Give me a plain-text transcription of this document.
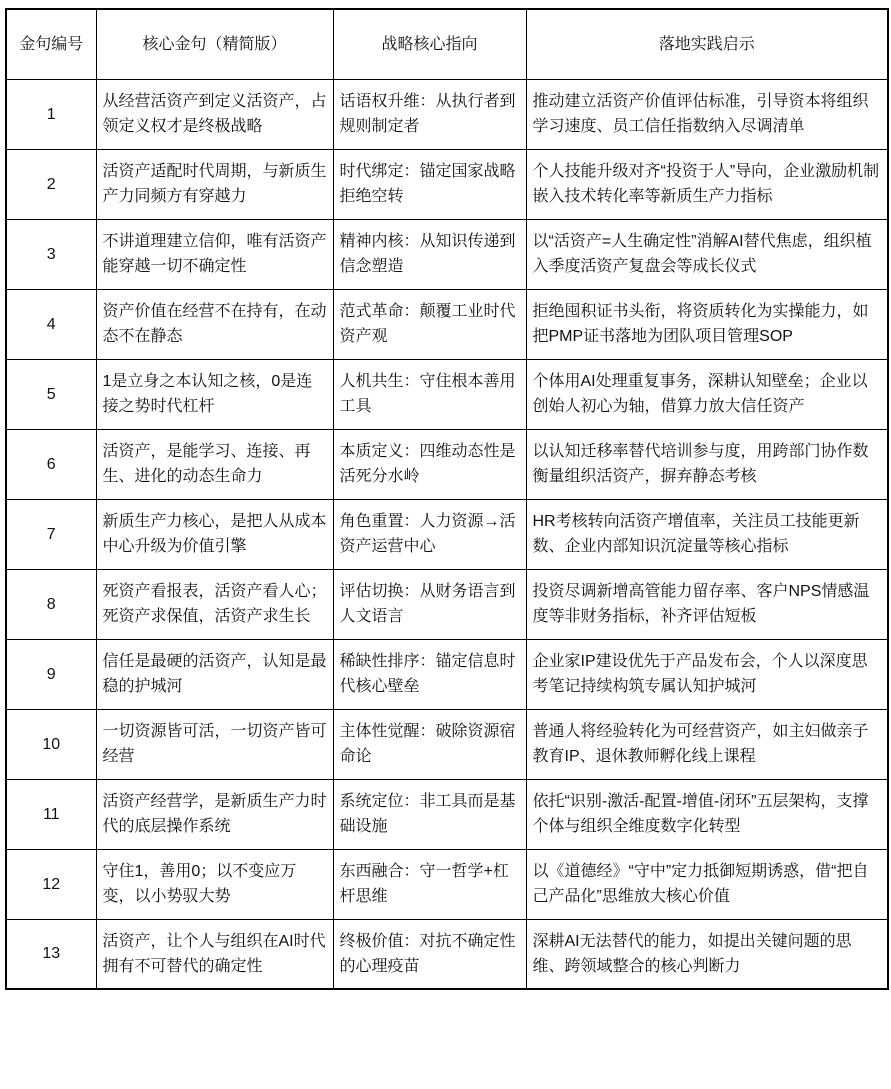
金句编号	核心金句（精简版）	战略核心指向	落地实践启示
1	从经营活资产到定义活资产，占领定义权才是终极战略	话语权升维：从执行者到规则制定者	推动建立活资产价值评估标准，引导资本将组织学习速度、员工信任指数纳入尽调清单
2	活资产适配时代周期，与新质生产力同频方有穿越力	时代绑定：锚定国家战略拒绝空转	个人技能升级对齐“投资于人”导向，企业激励机制嵌入技术转化率等新质生产力指标
3	不讲道理建立信仰，唯有活资产能穿越一切不确定性	精神内核：从知识传递到信念塑造	以“活资产=人生确定性”消解AI替代焦虑，组织植入季度活资产复盘会等成长仪式
4	资产价值在经营不在持有，在动态不在静态	范式革命：颠覆工业时代资产观	拒绝囤积证书头衔，将资质转化为实操能力，如把PMP证书落地为团队项目管理SOP
5	1是立身之本认知之核，0是连接之势时代杠杆	人机共生：守住根本善用工具	个体用AI处理重复事务，深耕认知壁垒；企业以创始人初心为轴，借算力放大信任资产
6	活资产，是能学习、连接、再生、进化的动态生命力	本质定义：四维动态性是活死分水岭	以认知迁移率替代培训参与度，用跨部门协作数衡量组织活资产，摒弃静态考核
7	新质生产力核心，是把人从成本中心升级为价值引擎	角色重置：人力资源→活资产运营中心	HR考核转向活资产增值率，关注员工技能更新数、企业内部知识沉淀量等核心指标
8	死资产看报表，活资产看人心；死资产求保值，活资产求生长	评估切换：从财务语言到人文语言	投资尽调新增高管能力留存率、客户NPS情感温度等非财务指标，补齐评估短板
9	信任是最硬的活资产，认知是最稳的护城河	稀缺性排序：锚定信息时代核心壁垒	企业家IP建设优先于产品发布会，个人以深度思考笔记持续构筑专属认知护城河
10	一切资源皆可活，一切资产皆可经营	主体性觉醒：破除资源宿命论	普通人将经验转化为可经营资产，如主妇做亲子教育IP、退休教师孵化线上课程
11	活资产经营学，是新质生产力时代的底层操作系统	系统定位：非工具而是基础设施	依托“识别-激活-配置-增值-闭环”五层架构，支撑个体与组织全维度数字化转型
12	守住1，善用0；以不变应万变，以小势驭大势	东西融合：守一哲学+杠杆思维	以《道德经》“守中”定力抵御短期诱惑，借“把自己产品化”思维放大核心价值
13	活资产，让个人与组织在AI时代拥有不可替代的确定性	终极价值：对抗不确定性的心理疫苗	深耕AI无法替代的能力，如提出关键问题的思维、跨领域整合的核心判断力
